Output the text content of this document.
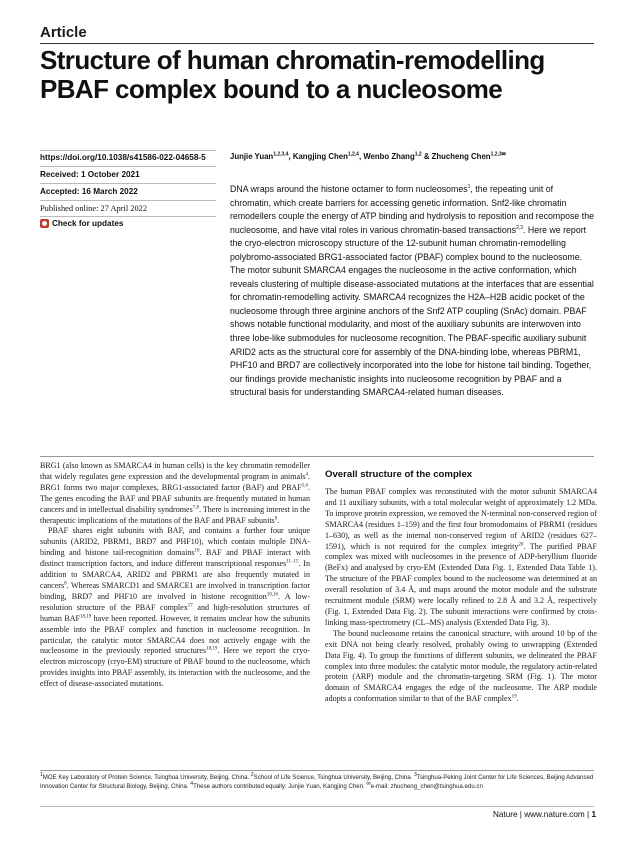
Article
Structure of human chromatin-remodelling
PBAF complex bound to a nucleosome
https://doi.org/10.1038/s41586-022-04658-5
Received: 1 October 2021
Accepted: 16 March 2022
Published online: 27 April 2022
Check for updates
Junjie Yuan$^{1,2,3,4}$, Kangjing Chen$^{1,2,4}$, Wenbo Zhang$^{1,2}$ & Zhucheng Chen$^{1,2,3✉}$
DNA wraps around the histone octamer to form nucleosomes$^1$, the repeating unit of chromatin, which create barriers for accessing genetic information. Snf2-like chromatin remodellers couple the energy of ATP binding and hydrolysis to reposition and recompose the nucleosome, and have vital roles in various chromatin-based transactions$^{2,3}$. Here we report the cryo-electron microscopy structure of the 12-subunit human chromatin-remodelling polybromo-associated BRG1-associated factor (PBAF) complex bound to the nucleosome. The motor subunit SMARCA4 engages the nucleosome in the active conformation, which reveals clustering of multiple disease-associated mutations at the interfaces that are essential for chromatin-remodelling activity. SMARCA4 recognizes the H2A–H2B acidic pocket of the nucleosome through three arginine anchors of the Snf2 ATP coupling (SnAc) domain. PBAF shows notable functional modularity, and most of the auxiliary subunits are interwoven into three lobe-like submodules for nucleosome recognition. The PBAF-specific auxiliary subunit ARID2 acts as the structural core for assembly of the DNA-binding lobe, whereas PBRM1, PHF10 and BRD7 are collectively incorporated into the lobe for histone tail binding. Together, our findings provide mechanistic insights into nucleosome recognition by PBAF and a structural basis for understanding SMARCA4-related human diseases.

BRG1 (also known as SMARCA4 in human cells) is the key chromatin remodeller that widely regulates gene expression and the developmental program in animals$^4$. BRG1 forms two major complexes, BRG1-associated factor (BAF) and PBAF$^{5,6}$. The genes encoding the BAF and PBAF subunits are frequently mutated in human cancers and in intellectual disability syndromes$^{7,8}$. There is increasing interest in the therapeutic implications of the mutations of the BAF and PBAF subunits$^9$.

PBAF shares eight subunits with BAF, and contains a further four unique subunits (ARID2, PBRM1, BRD7 and PHF10), which contain multiple DNA-binding and histone tail-recognition domains$^{10}$. BAF and PBAF interact with distinct transcription factors, and induce different transcriptional responses$^{11-15}$. In addition to SMARCA4, ARID2 and PBRM1 are also frequently mutated in cancers$^8$. Whereas SMARCD1 and SMARCE1 are involved in transcription factor binding, BRD7 and PHF10 are involved in histone recognition$^{10,16}$. A low-resolution structure of the PBAF complex$^{17}$ and high-resolution structures of human BAF$^{18,19}$ have been reported. However, it remains unclear how the subunits assemble into the PBAF complex and function in nucleosome recognition. In particular, the catalytic motor SMARCA4 does not actively engage with the nucleosome in the previously reported structures$^{18,19}$. Here we report the cryo-electron microscopy (cryo-EM) structure of PBAF bound to the nucleosome, which provides insights into PBAF assembly, its interaction with the nucleosome, and the effect of disease-associated mutations.

Overall structure of the complex

The human PBAF complex was reconstituted with the motor subunit SMARCA4 and 11 auxiliary subunits, with a total molecular weight of approximately 1.2 MDa. To improve protein expression, we removed the N-terminal non-conserved region of SMARCA4 (residues 1–159) and the first four bromodomains of PBRM1 (residues 1–630), as well as the internal non-conserved region of ARID2 (residues 627–1591), which is not required for the complex integrity$^{20}$. The purified PBAF complex was mixed with nucleosomes in the presence of ADP-beryllium fluoride (BeFx) and analysed by cryo-EM (Extended Data Fig. 1, Extended Data Table 1). The structure of the PBAF complex bound to the nucleosome was determined at an overall resolution of 3.4 Å, and maps around the motor module and the substrate recruitment module (SRM) were locally refined to 2.8 Å and 3.2 Å, respectively (Fig. 1, Extended Data Fig. 2). The subunit interactions were confirmed by cross-linking mass-spectrometry (CL–MS) analysis (Extended Data Fig. 3).

The bound nucleosome retains the canonical structure, with around 10 bp of the exit DNA not being clearly resolved, probably owing to unwrapping (Extended Data Fig. 4). To group the functions of different subunits, we delineated the PBAF complex into three modules: the catalytic motor module, the regulatory actin-related protein (ARP) module and the chromatin-targeting SRM (Fig. 1). The motor domain of SMARCA4 engages the edge of the nucleosome. The ARP module adopts a conformation similar to that of the BAF complex$^{19}$.

$^1$MOE Key Laboratory of Protein Science, Tsinghua University, Beijing, China. $^2$School of Life Science, Tsinghua University, Beijing, China. $^3$Tsinghua-Peking Joint Center for Life Sciences, Beijing Advanced Innovation Center for Structural Biology, Beijing, China. $^4$These authors contributed equally: Junjie Yuan, Kangjing Chen. ✉e-mail: zhucheng_chen@tsinghua.edu.cn
Nature | www.nature.com | 1
